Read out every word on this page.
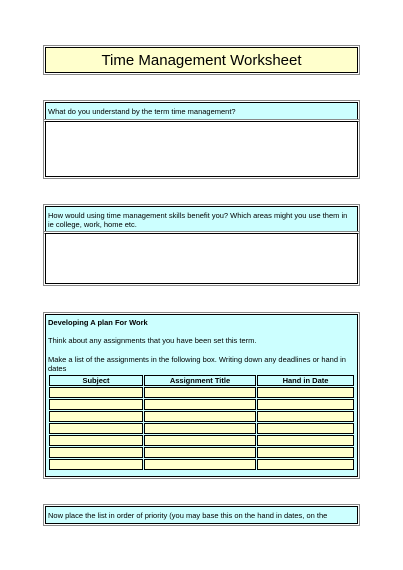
Time Management Worksheet
What do you understand by the term time management?
How would using time management skills benefit you? Which areas might you use them in ie college, work, home etc.
Developing A plan For Work
Think about any assignments that you have been set this term.
Make a list of the assignments in the following box. Writing down any deadlines or hand in dates
Subject	Assignment Title	Hand in Date

Now place the list in order of priority (you may base this on the hand in dates, on the
